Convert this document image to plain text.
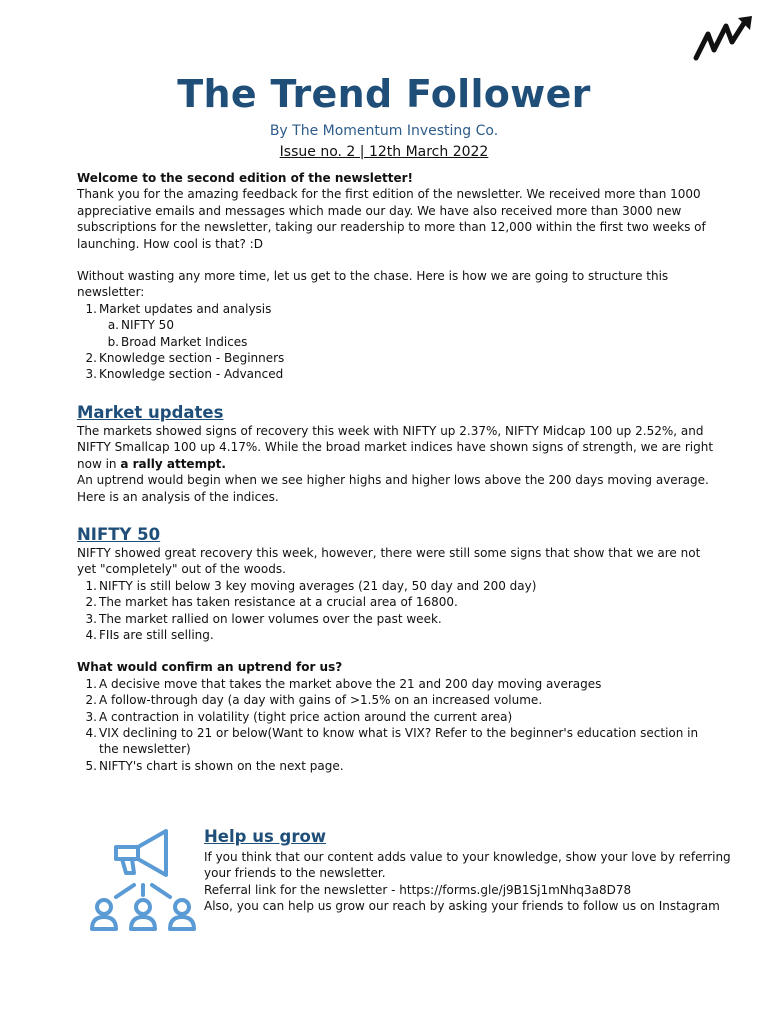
The Trend Follower
By The Momentum Investing Co.
Issue no. 2 | 12th March 2022

Welcome to the second edition of the newsletter!

Thank you for the amazing feedback for the first edition of the newsletter. We received more than 1000 appreciative emails and messages which made our day. We have also received more than 3000 new subscriptions for the newsletter, taking our readership to more than 12,000 within the first two weeks of launching. How cool is that? :D

Without wasting any more time, let us get to the chase. Here is how we are going to structure this newsletter:

1. Market updates and analysis
a. NIFTY 50
b. Broad Market Indices
2. Knowledge section - Beginners
3. Knowledge section - Advanced
Market updates

The markets showed signs of recovery this week with NIFTY up 2.37%, NIFTY Midcap 100 up 2.52%, and NIFTY Smallcap 100 up 4.17%. While the broad market indices have shown signs of strength, we are right now in a rally attempt.

An uptrend would begin when we see higher highs and higher lows above the 200 days moving average. Here is an analysis of the indices.

NIFTY 50

NIFTY showed great recovery this week, however, there were still some signs that show that we are not yet "completely" out of the woods.

1. NIFTY is still below 3 key moving averages (21 day, 50 day and 200 day)
2. The market has taken resistance at a crucial area of 16800.
3. The market rallied on lower volumes over the past week.
4. FIIs are still selling.

What would confirm an uptrend for us?

1. A decisive move that takes the market above the 21 and 200 day moving averages
2. A follow-through day (a day with gains of >1.5% on an increased volume.
3. A contraction in volatility (tight price action around the current area)
4. VIX declining to 21 or below(Want to know what is VIX? Refer to the beginner's education section in the newsletter)
5. NIFTY's chart is shown on the next page.
Help us grow

If you think that our content adds value to your knowledge, show your love by referring your friends to the newsletter.

Referral link for the newsletter - https://forms.gle/j9B1Sj1mNhq3a8D78

Also, you can help us grow our reach by asking your friends to follow us on Instagram
